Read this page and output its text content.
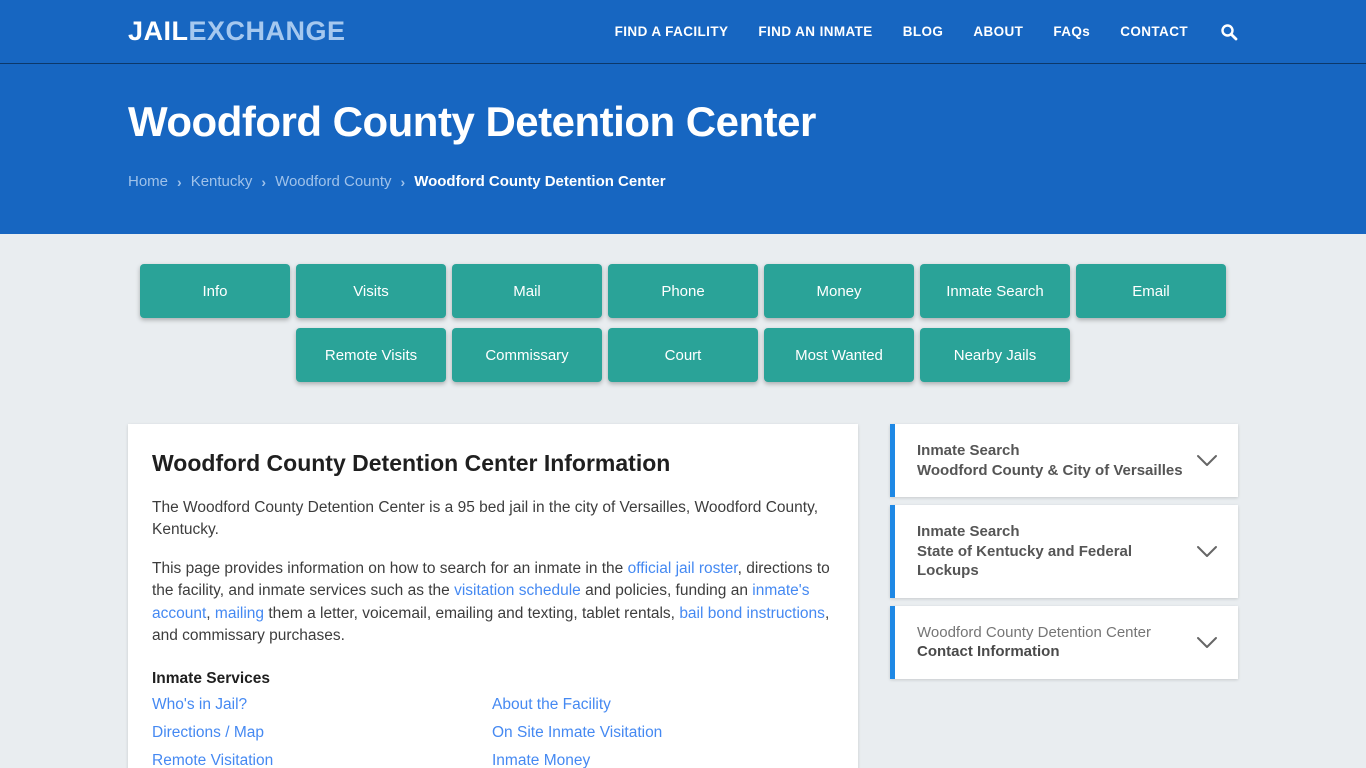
JAILEXCHANGE	FIND A FACILITY FIND AN INMATE BLOG ABOUT FAQs CONTACT
Woodford County Detention Center
Home › Kentucky › Woodford County › Woodford County Detention Center
Info	Visits	Mail	Phone	Money	Inmate Search	Email
Remote Visits	Commissary	Court	Most Wanted	Nearby Jails
Woodford County Detention Center Information

The Woodford County Detention Center is a 95 bed jail in the city of Versailles, Woodford County, Kentucky.

This page provides information on how to search for an inmate in the official jail roster, directions to the facility, and inmate services such as the visitation schedule and policies, funding an inmate's account, mailing them a letter, voicemail, emailing and texting, tablet rentals, bail bond instructions, and commissary purchases.

Inmate Services
Who's in Jail?	About the Facility
Directions / Map	On Site Inmate Visitation
Remote Visitation	Inmate Money
Inmate Search
Woodford County & City of Versailles
Inmate Search
State of Kentucky and Federal Lockups
Woodford County Detention Center
Contact Information
